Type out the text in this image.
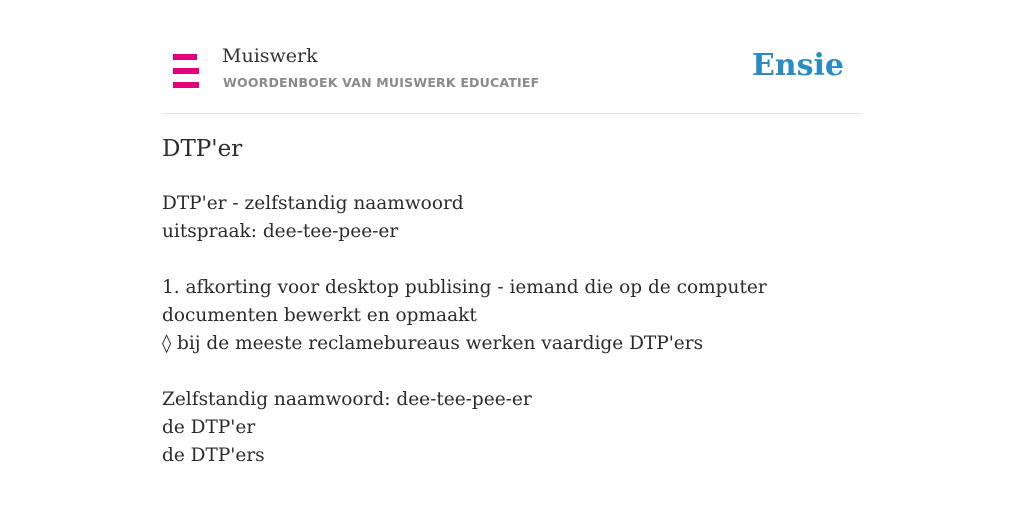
Muiswerk
WOORDENBOEK VAN MUISWERK EDUCATIEF	Ensie
DTP'er
DTP'er - zelfstandig naamwoord
uitspraak: dee-tee-pee-er
1. afkorting voor desktop publising - iemand die op de computer documenten bewerkt en opmaakt
◊ bij de meeste reclamebureaus werken vaardige DTP'ers
Zelfstandig naamwoord: dee-tee-pee-er
de DTP'er
de DTP'ers
